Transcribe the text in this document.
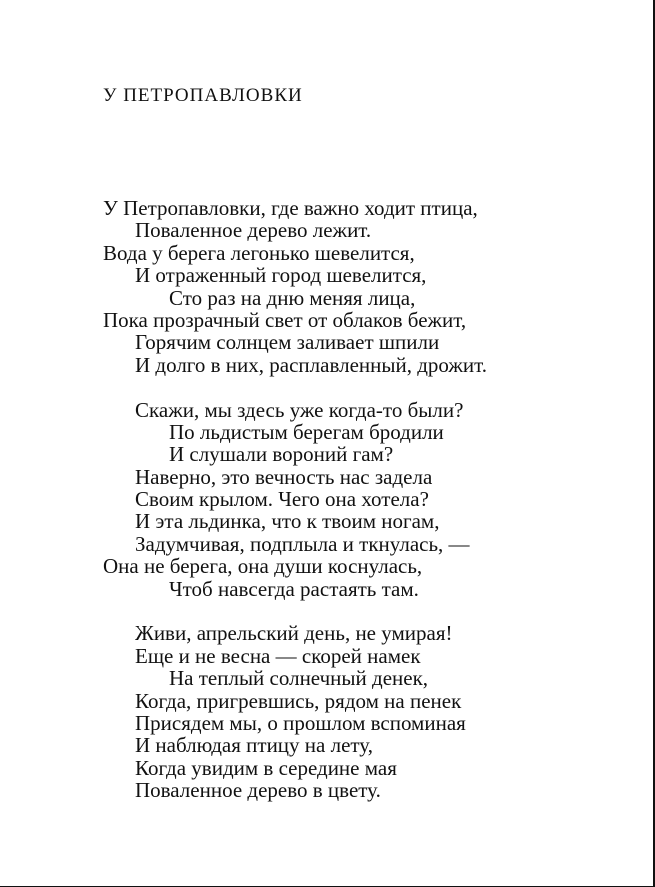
У ПЕТРОПАВЛОВКИ
У Петропавловки, где важно ходит птица,
Поваленное дерево лежит.
Вода у берега легонько шевелится,
И отраженный город шевелится,
Сто раз на дню меняя лица,
Пока прозрачный свет от облаков бежит,
Горячим солнцем заливает шпили
И долго в них, расплавленный, дрожит.
Скажи, мы здесь уже когда-то были?
По льдистым берегам бродили
И слушали вороний гам?
Наверно, это вечность нас задела
Своим крылом. Чего она хотела?
И эта льдинка, что к твоим ногам,
Задумчивая, подплыла и ткнулась, —
Она не берега, она души коснулась,
Чтоб навсегда растаять там.
Живи, апрельский день, не умирая!
Еще и не весна — скорей намек
На теплый солнечный денек,
Когда, пригревшись, рядом на пенек
Присядем мы, о прошлом вспоминая
И наблюдая птицу на лету,
Когда увидим в середине мая
Поваленное дерево в цвету.
